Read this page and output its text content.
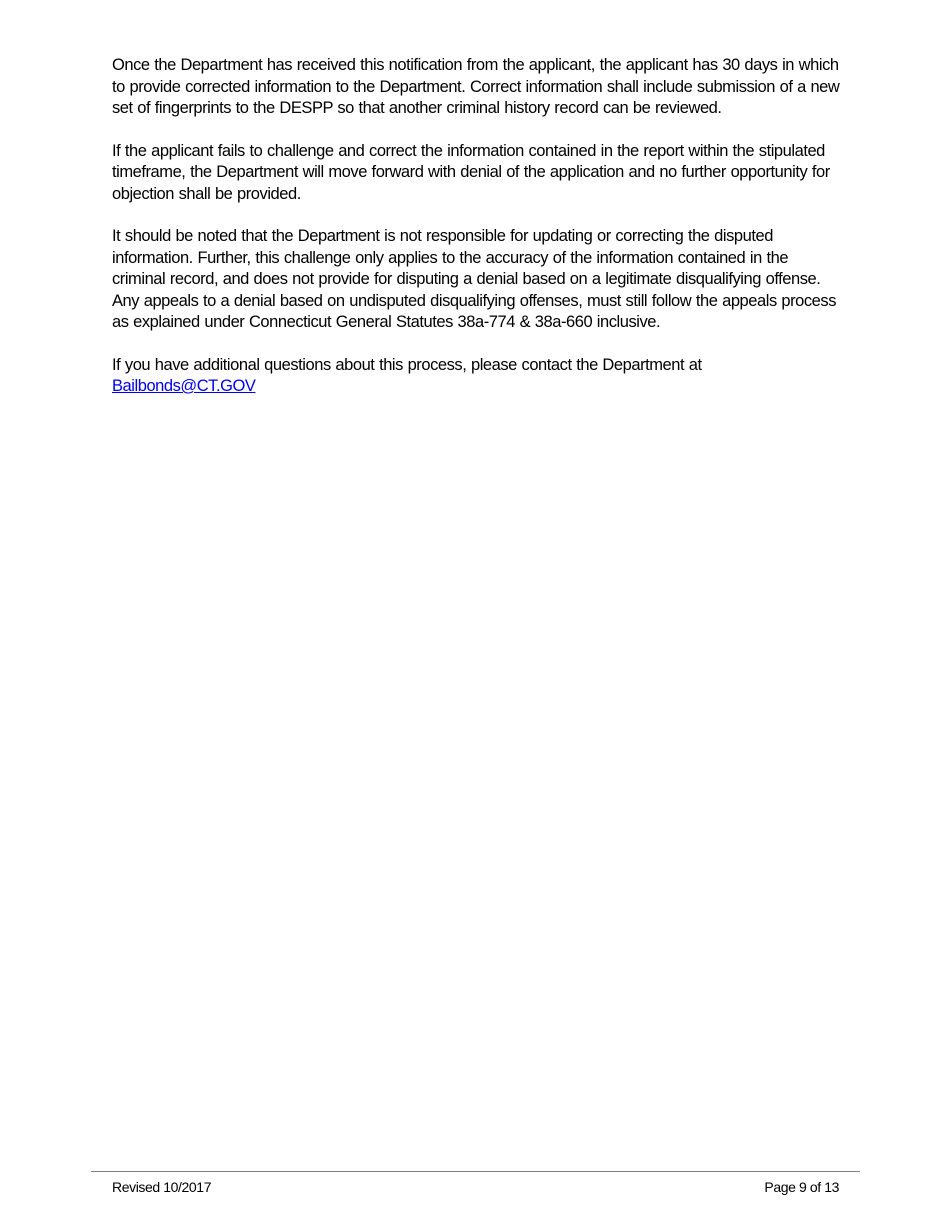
Once the Department has received this notification from the applicant, the applicant has 30 days in which to provide corrected information to the Department. Correct information shall include submission of a new set of fingerprints to the DESPP so that another criminal history record can be reviewed.

If the applicant fails to challenge and correct the information contained in the report within the stipulated timeframe, the Department will move forward with denial of the application and no further opportunity for objection shall be provided.

It should be noted that the Department is not responsible for updating or correcting the disputed information. Further, this challenge only applies to the accuracy of the information contained in the criminal record, and does not provide for disputing a denial based on a legitimate disqualifying offense. Any appeals to a denial based on undisputed disqualifying offenses, must still follow the appeals process as explained under Connecticut General Statutes 38a-774 & 38a-660 inclusive.

If you have additional questions about this process, please contact the Department at

Bailbonds@CT.GOV
Revised 10/2017	Page 9 of 13
